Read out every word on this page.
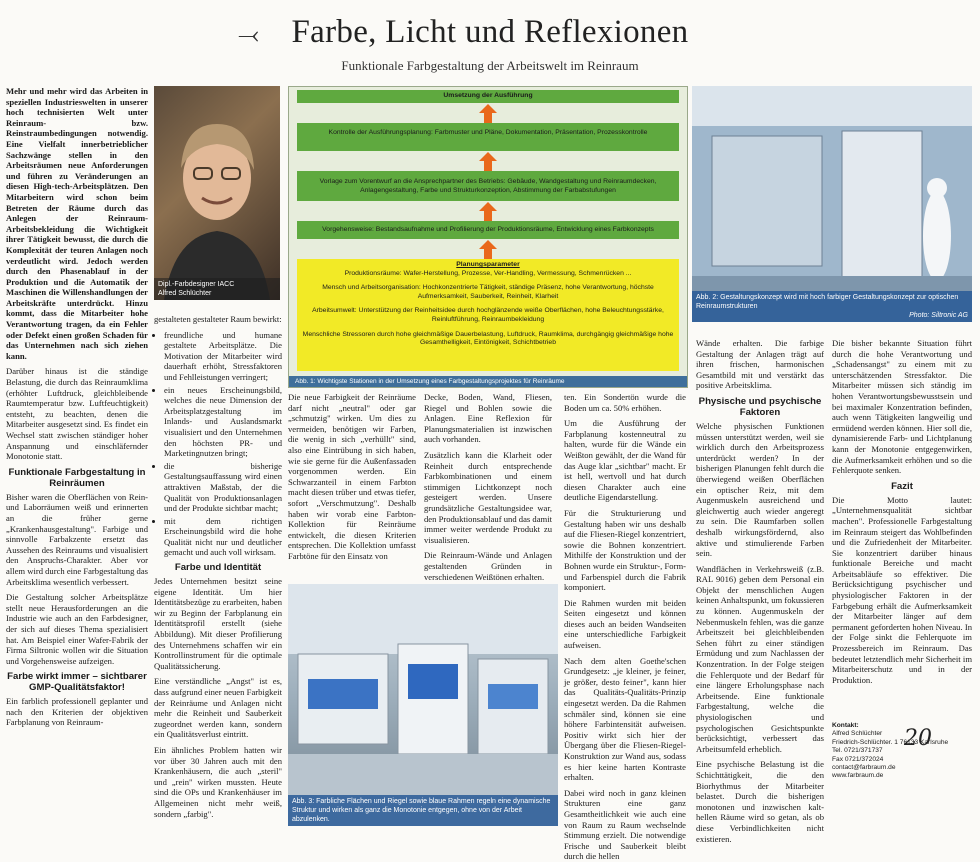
⤙ Farbe, Licht und Reflexionen
Funktionale Farbgestaltung der Arbeitswelt im Reinraum

Mehr und mehr wird das Arbeiten in speziellen Industrieswelten in unserer hoch technisierten Welt unter Reinraum- bzw. Reinstraumbedingungen notwendig. Eine Vielfalt innerbetrieblicher Sachzwänge stellen in den Arbeitsräumen neue Anforderungen und führen zu Veränderungen an diesen High-tech-Arbeitsplätzen. Den Mitarbeitern wird schon beim Betreten der Räume durch das Anlegen der Reinraum-Arbeitsbekleidung die Wichtigkeit ihrer Tätigkeit bewusst, die durch die Komplexität der teuren Anlagen noch verdeutlicht wird. Jedoch werden durch den Phasenablauf in der Produktion und die Automatik der Maschinen die Willenshandlungen der Arbeitskräfte unterdrückt. Hinzu kommt, dass die Mitarbeiter hohe Verantwortung tragen, da ein Fehler oder Defekt einen großen Schaden für das Unternehmen nach sich ziehen kann.

Darüber hinaus ist die ständige Belastung, die durch das Reinraumklima (erhöhter Luftdruck, gleichbleibende Raumtemperatur bzw. Luftfeuchtigkeit) entsteht, zu beachten, denen die Mitarbeiter ausgesetzt sind. Es findet ein Wechsel statt zwischen ständiger hoher Anspannung und einschläfernder Monotonie statt.

Funktionale Farbgestaltung in Reinräumen

Bisher waren die Oberflächen von Rein- und Laborräumen weiß und erinnerten an die früher gerne „Krankenhausgestaltung". Farbige und sinnvolle Farbakzente ersetzt das Aussehen des Reinraums und visualisiert den Anspruchs-Charakter. Aber vor allem wird durch eine Farbgestaltung das Arbeitsklima wesentlich verbessert.

Die Gestaltung solcher Arbeitsplätze stellt neue Herausforderungen an die Industrie wie auch an den Farbdesigner, der sich auf dieses Thema spezialisiert hat. Am Beispiel einer Wafer-Fabrik der Firma Siltronic wollen wir die Situation und Vorgehensweise aufzeigen.

Farbe wirkt immer – sichtbarer GMP-Qualitätsfaktor!

Ein farblich professionell geplanter und nach den Kriterien der objektiven Farbplanung von Reinraum-

Dipl.-Farbdesigner IACC
Alfred Schlüchter

gestalteten gestalteter Raum bewirkt:

• freundliche und humane gestaltete Arbeitsplätze. Die Motivation der Mitarbeiter wird dauerhaft erhöht, Stressfaktoren und Fehlleistungen verringert;
• ein neues Erscheinungsbild, welches die neue Dimension der Arbeitsplatzgestaltung im Inlands- und Auslandsmarkt visualisiert und den Unternehmen den höchsten PR- und Marketingnutzen bringt;
• die bisherige Gestaltungsauffassung wird einen attraktiven Maßstab, der die Qualität von Produktionsanlagen und der Produkte sichtbar macht;
• mit dem richtigen Erscheinungsbild wird die hohe Qualität nicht nur und deutlicher gemacht und auch voll wirksam.
Farbe und Identität

Jedes Unternehmen besitzt seine eigene Identität. Um hier Identitätsbezüge zu erarbeiten, haben wir zu Beginn der Farbplanung ein Identitätsprofil erstellt (siehe Abbildung). Mit dieser Profilierung des Unternehmens schaffen wir ein Kontrollinstrument für die optimale Qualitätssicherung.

Eine verständliche „Angst" ist es, dass aufgrund einer neuen Farbigkeit der Reinräume und Anlagen nicht mehr die Reinheit und Sauberkeit zugeordnet werden kann, sondern ein Qualitätsverlust eintritt.

Ein ähnliches Problem hatten wir vor über 30 Jahren auch mit den Krankenhäusern, die auch „steril" und „rein" wirken mussten. Heute sind die OPs und Krankenhäuser im Allgemeinen nicht mehr weiß, sondern „farbig".

Umsetzung der Ausführung
Kontrolle der Ausführungsplanung: Farbmuster und Pläne, Dokumentation, Präsentation, Prozesskontrolle
Vorlage zum Vorentwurf an die Ansprechpartner des Betriebs: Gebäude, Wandgestaltung und Reinraumdecken, Anlagengestaltung, Farbe und Strukturkonzeption, Abstimmung der Farbabstufungen
Vorgehensweise: Bestandsaufnahme und Profilierung der Produktionsräume, Entwicklung eines Farbkonzepts
Planungsparameter
Produktionsräume: Wafer-Herstellung, Prozesse, Ver-Handling, Vermessung, Schmenrücken ...
Mensch und Arbeitsorganisation: Hochkonzentrierte Tätigkeit, ständige Präsenz, hohe Verantwortung, höchste Aufmerksamkeit, Sauberkeit, Reinheit, Klarheit
Arbeitsumwelt: Unterstützung der Reinheitsidee durch hochglänzende weiße Oberflächen, hohe Beleuchtungsstärke, Reinluftführung, Reinraumbekleidung
Menschliche Stressoren durch hohe gleichmäßige Dauerbelastung, Luftdruck, Raumklima, durchgängig gleichmäßige hohe Gesamthelligkeit, Eintönigkeit, Schichtbetrieb
Abb. 1: Wichtigste Stationen in der Umsetzung eines Farbgestaltungsprojektes für Reinräume

Die neue Farbigkeit der Reinräume darf nicht „neutral" oder gar „schmutzig" wirken. Um dies zu vermeiden, benötigen wir Farben, die wenig in sich „verhüllt" sind, also eine Eintrübung in sich haben, wie sie gerne für die Außenfassaden vorgenommen werden. Ein Schwarzanteil in einem Farbton macht diesen trüber und etwas tiefer, sofort „Verschmutzung". Deshalb haben wir vorab eine Farbton-Kollektion für Reinräume entwickelt, die diesen Kriterien entsprechen. Die Kollektion umfasst Farbtöne für den Einsatz von

Decke, Boden, Wand, Fliesen, Riegel und Bohlen sowie die Anlagen. Eine Reflexion für Planungsmaterialien ist inzwischen auch vorhanden.

Zusätzlich kann die Klarheit oder Reinheit durch entsprechende Farbkombinationen und einem stimmigen Lichtkonzept noch gesteigert werden. Unsere grundsätzliche Gestaltungsidee war, den Produktionsablauf und das damit immer weiter werdende Produkt zu visualisieren.

Die Reinraum-Wände und Anlagen gestaltenden Gründen in verschiedenen Weißtönen erhalten.

Abb. 3: Farbliche Flächen und Riegel sowie blaue Rahmen regeln eine dynamische Struktur und wirken als ganz die Monotonie entgegen, ohne von der Arbeit abzulenken.

ten. Ein Sondertön wurde die Boden um ca. 50% erhöhen.

Um die Ausführung der Farbplanung kostenneutral zu halten, wurde für die Wände ein Weißton gewählt, der die Wand für das Auge klar „sichtbar" macht. Er ist hell, wertvoll und hat durch diesen Charakter auch eine deutliche Eigendarstellung.

Für die Strukturierung und Gestaltung haben wir uns deshalb auf die Fliesen-Riegel konzentriert, sowie die Bohnen konzentriert. Mithilfe der Konstruktion und der Bohnen wurde ein Struktur-, Form- und Farbenspiel durch die Fabrik komponiert.

Die Rahmen wurden mit beiden Seiten eingesetzt und können dieses auch an beiden Wandseiten eine unterschiedliche Farbigkeit aufweisen.

Nach dem alten Goethe'schen Grundgesetz: „je kleiner, je feiner, je größer, desto feiner", kann hier das Qualitäts-Qualitäts-Prinzip eingesetzt werden. Da die Rahmen schmäler sind, können sie eine höhere Farbintensität aufweisen. Positiv wirkt sich hier der Übergang über die Fliesen-Riegel-Konstruktion zur Wand aus, sodass es hier keine harten Kontraste erhalten.

Dabei wird noch in ganz kleinen Strukturen eine ganz Gesamtheitlichkeit wie auch eine von Raum zu Raum wechselnde Stimmung erzielt. Die notwendige Frische und Sauberkeit bleibt durch die hellen

Abb. 2: Gestaltungskonzept wird mit hoch farbiger Gestaltungskonzept zur optischen Reinraumstrukturen
Photo: Siltronic AG

Wände erhalten. Die farbige Gestaltung der Anlagen trägt auf ihren frischen, harmonischen Gesamtbild mit und verstärkt das positive Arbeitsklima.

Physische und psychische Faktoren

Welche physischen Funktionen müssen unterstützt werden, weil sie wirklich durch den Arbeitsprozess unterdrückt werden? In der bisherigen Planungen fehlt durch die überwiegend weißen Oberflächen ein optischer Reiz, mit dem Augenmuskeln ausreichend und gleichwertig auch wieder angeregt zu sein. Die Raumfarben sollen deshalb wirkungsfördernd, also aktive und stimulierende Farben sein.

Wandflächen in Verkehrsweiß (z.B. RAL 9016) geben dem Personal ein Objekt der menschlichen Augen keinen Anhaltspunkt, um fokussieren zu können. Augenmuskeln der Nebenmuskeln fehlen, was die ganze Arbeitszeit bei gleichbleibenden Sehen führt zu einer ständigen Ermüdung und zum Nachlassen der Konzentration. In der Folge steigen die Fehlerquote und der Bedarf für eine längere Erholungsphase nach Arbeitsende. Eine funktionale Farbgestaltung, welche die physiologischen und psychologischen Gesichtspunkte berücksichtigt, verbessert das Arbeitsumfeld erheblich.

Eine psychische Belastung ist die Schichttätigkeit, die den Biorhythmus der Mitarbeiter belastet. Durch die bisherigen monotonen und inzwischen kalt-hellen Räume wird so getan, als ob diese Verbindlichkeiten nicht existieren.

Die bisher bekannte Situation führt durch die hohe Verantwortung und „Schadensangst" zu einem mit zu unterschätzenden Stressfaktor. Die Mitarbeiter müssen sich ständig im hohen Verantwortungsbewusstsein und bei maximaler Konzentration befinden, auch wenn Tätigkeiten langweilig und ermüdend werden können. Hier soll die, dynamisierende Farb- und Lichtplanung kann der Monotonie entgegenwirken, die Aufmerksamkeit erhöhen und so die Fehlerquote senken.

Fazit

Die Motto lautet: „Unternehmensqualität sichtbar machen". Professionelle Farbgestaltung im Reinraum steigert das Wohlbefinden und die Zufriedenheit der Mitarbeiter. Sie konzentriert darüber hinaus funktionale Bereiche und macht Arbeitsabläufe so effektiver. Die Berücksichtigung psychischer und physiologischer Faktoren in der Farbgebung erhält die Aufmerksamkeit der Mitarbeiter länger auf dem permanent geforderten hohen Niveau. In der Folge sinkt die Fehlerquote im Prozessbereich im Reinraum. Das bedeutet letztendlich mehr Sicherheit im Mitarbeiterschutz und in der Produktion.

Kontakt:
Alfred Schlüchter
Friedrich-Schlüchter. 1 76133 Karlsruhe
Tel. 0721/371737
Fax 0721/372024
contact@farbraum.de
www.farbraum.de
20
